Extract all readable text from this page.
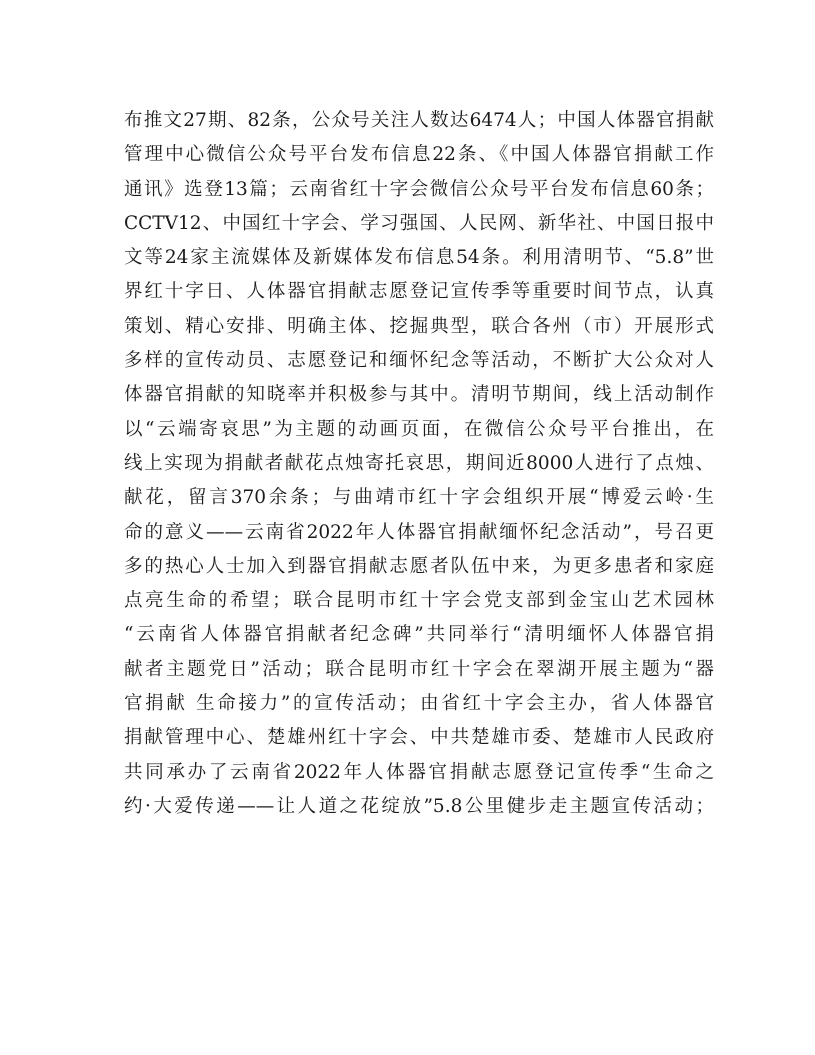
布推文27期、82条，公众号关注人数达6474人；中国人体器官捐献
管理中心微信公众号平台发布信息22条、《中国人体器官捐献工作
通讯》选登13篇；云南省红十字会微信公众号平台发布信息60条；
CCTV12、中国红十字会、学习强国、人民网、新华社、中国日报中
文等24家主流媒体及新媒体发布信息54条。利用清明节、“5.8”世
界红十字日、人体器官捐献志愿登记宣传季等重要时间节点，认真
策划、精心安排、明确主体、挖掘典型，联合各州（市）开展形式
多样的宣传动员、志愿登记和缅怀纪念等活动，不断扩大公众对人
体器官捐献的知晓率并积极参与其中。清明节期间，线上活动制作
以“云端寄哀思”为主题的动画页面，在微信公众号平台推出，在
线上实现为捐献者献花点烛寄托哀思，期间近8000人进行了点烛、
献花，留言370余条；与曲靖市红十字会组织开展“博爱云岭·生
命的意义——云南省2022年人体器官捐献缅怀纪念活动”，号召更
多的热心人士加入到器官捐献志愿者队伍中来，为更多患者和家庭
点亮生命的希望；联合昆明市红十字会党支部到金宝山艺术园林
“云南省人体器官捐献者纪念碑”共同举行“清明缅怀人体器官捐
献者主题党日”活动；联合昆明市红十字会在翠湖开展主题为“器
官捐献 生命接力”的宣传活动；由省红十字会主办，省人体器官
捐献管理中心、楚雄州红十字会、中共楚雄市委、楚雄市人民政府
共同承办了云南省2022年人体器官捐献志愿登记宣传季“生命之
约·大爱传递——让人道之花绽放”5.8公里健步走主题宣传活动；
